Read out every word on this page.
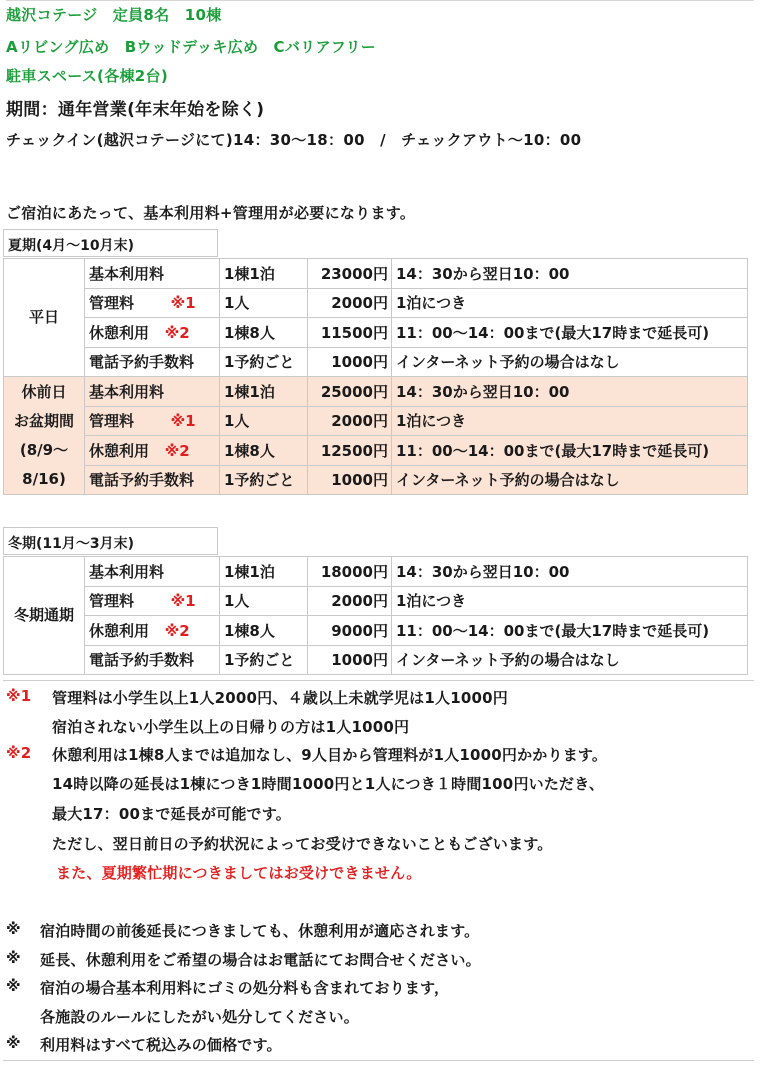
越沢コテージ　定員8名　10棟
Aリビング広め　Bウッドデッキ広め　Cバリアフリー
駐車スペース(各棟2台)
期間：通年営業(年末年始を除く)
チェックイン(越沢コテージにて)14：30～18：00　/　チェックアウト～10：00
ご宿泊にあたって、基本利用料+管理用が必要になります。
夏期(4月～10月末)
平日	基本利用料	1棟1泊	23000円	14：30から翌日10：00
	管理料 ※1	1人	2000円	1泊につき
	休憩利用 ※2	1棟8人	11500円	11：00～14：00まで(最大17時まで延長可)
	電話予約手数料	1予約ごと	1000円	インターネット予約の場合はなし

休前日
お盆期間
(8/9～
8/16)	基本利用料	1棟1泊	25000円	14：30から翌日10：00
	管理料 ※1	1人	2000円	1泊につき
	休憩利用 ※2	1棟8人	12500円	11：00～14：00まで(最大17時まで延長可)
	電話予約手数料	1予約ごと	1000円	インターネット予約の場合はなし
冬期(11月～3月末)
冬期通期	基本利用料	1棟1泊	18000円	14：30から翌日10：00
	管理料 ※1	1人	2000円	1泊につき
	休憩利用 ※2	1棟8人	9000円	11：00～14：00まで(最大17時まで延長可)
	電話予約手数料	1予約ごと	1000円	インターネット予約の場合はなし
※1 管理料は小学生以上1人2000円、４歳以上未就学児は1人1000円
宿泊されない小学生以上の日帰りの方は1人1000円
※2 休憩利用は1棟8人までは追加なし、9人目から管理料が1人1000円かかります。
14時以降の延長は1棟につき1時間1000円と1人につき１時間100円いただき、
最大17：00まで延長が可能です。
ただし、翌日前日の予約状況によってお受けできないこともございます。
また、夏期繁忙期につきましてはお受けできません。
※ 宿泊時間の前後延長につきましても、休憩利用が適応されます。
※ 延長、休憩利用をご希望の場合はお電話にてお問合せください。
※ 宿泊の場合基本利用料にゴミの処分料も含まれております，
各施設のルールにしたがい処分してください。
※ 利用料はすべて税込みの価格です。
